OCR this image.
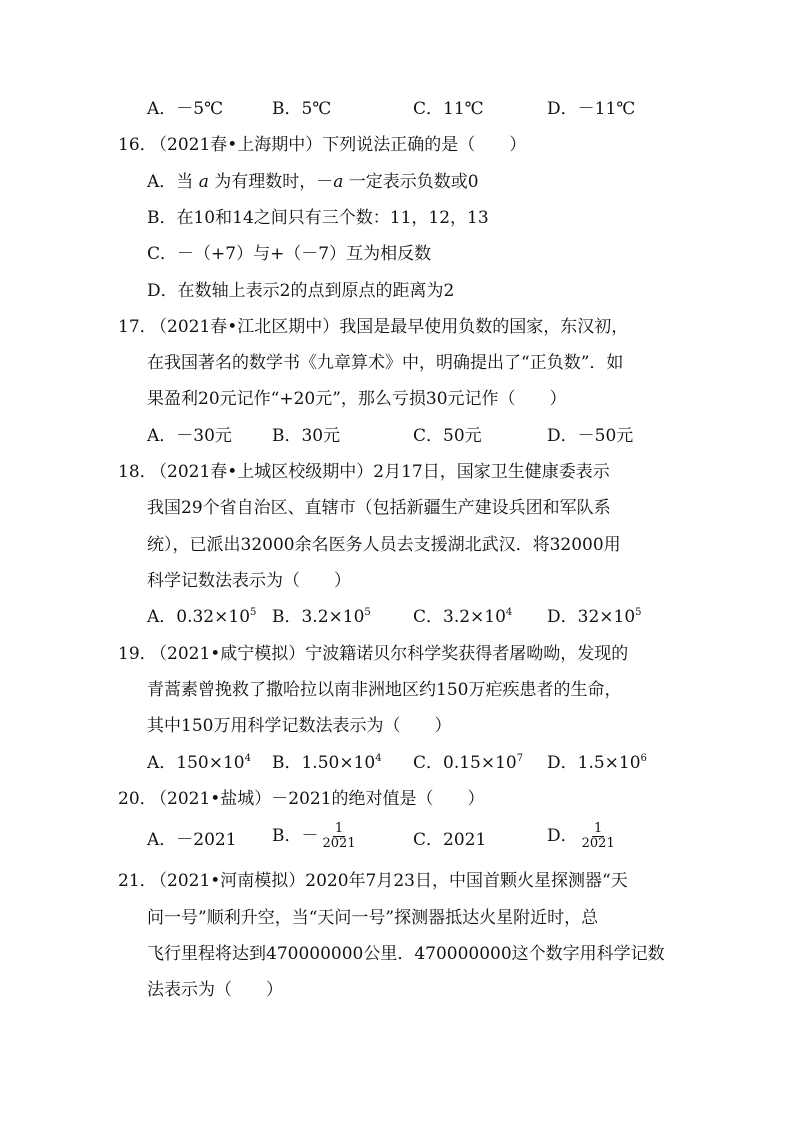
A．－5℃	B．5℃	C．11℃	D．－11℃
16．
（2021春•上海期中）下列说法正确的是（　　）
A．当 a 为有理数时，－a 一定表示负数或0
B．在10和14之间只有三个数：11，12，13
C．－（+7）与+（－7）互为相反数
D．在数轴上表示2的点到原点的距离为2
17．
（2021春•江北区期中）我国是最早使用负数的国家，东汉初，
在我国著名的数学书《九章算术》中，明确提出了“正负数”．如
果盈利20元记作“+20元”，那么亏损30元记作（　　）
A．－30元 B．30元	C．50元	D．－50元
18．
（2021春•上城区校级期中）2月17日，国家卫生健康委表示
我国29个省自治区、直辖市（包括新疆生产建设兵团和军队系
统），已派出32000余名医务人员去支援湖北武汉．将32000用
科学记数法表示为（　　）
A．$0.32\times 10^5$ B．$3.2\times 10^5$ C．$3.2\times 10^4$ D．$32\times 10^5$
19．
（2021•咸宁模拟）宁波籍诺贝尔科学奖获得者屠呦呦，发现的
青蒿素曾挽救了撒哈拉以南非洲地区约150万疟疾患者的生命，
其中150万用科学记数法表示为（　　）
A．$150\times 10^4$ B．$1.50\times 10^4$ C．$0.15\times 10^7$ D．$1.5\times 10^6$
20．
（2021•盐城）－2021的绝对值是（　　）
A．－2021 B．－ $\frac{1}{2021}$	C．2021	D． $\frac{1}{2021}$
21．
（2021•河南模拟）2020年7月23日，中国首颗火星探测器“天
问一号”顺利升空，当“天问一号”探测器抵达火星附近时，总
飞行里程将达到470000000公里．470000000这个数字用科学记数
法表示为（　　）
